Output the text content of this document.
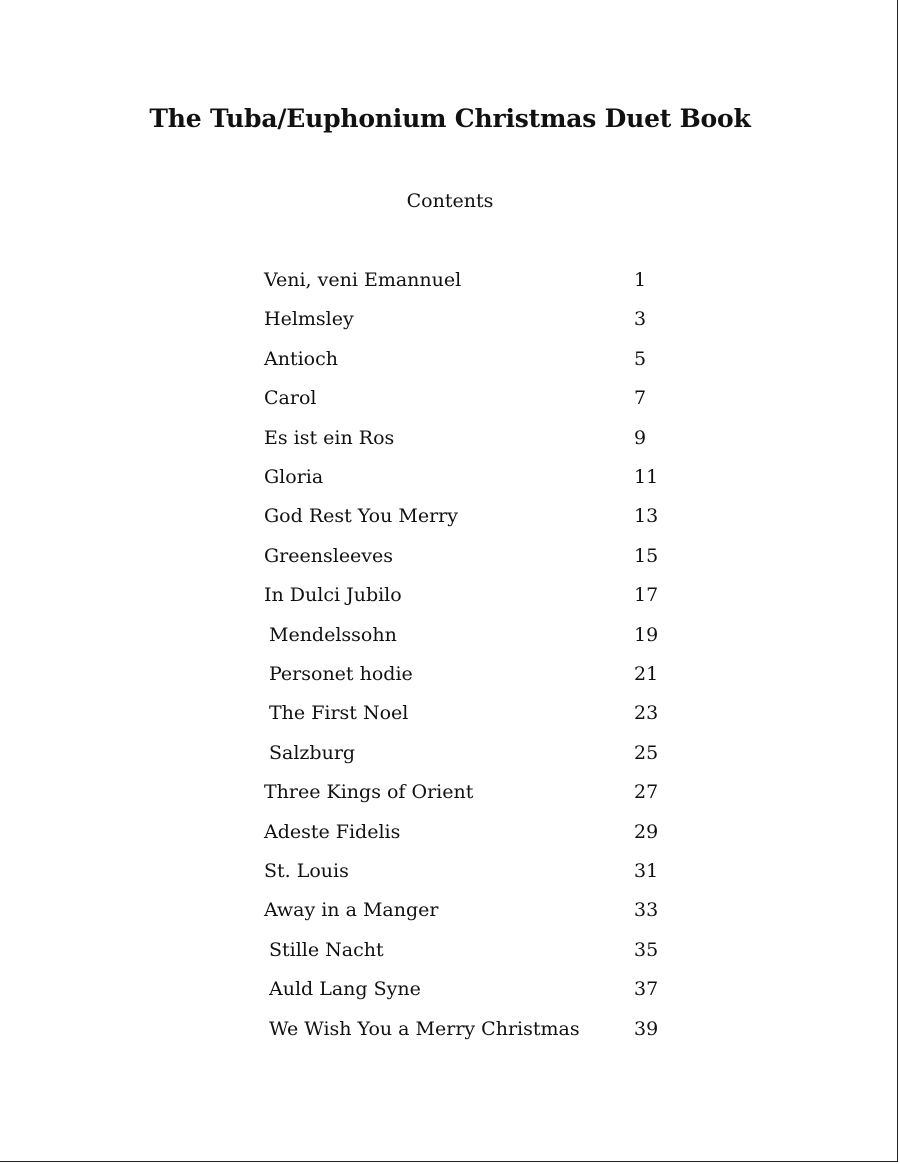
The Tuba/Euphonium Christmas Duet Book
Contents
Veni, veni Emannuel	1
Helmsley	3
Antioch	5
Carol	7
Es ist ein Ros	9
Gloria	11
God Rest You Merry	13
Greensleeves	15
In Dulci Jubilo	17
Mendelssohn	19
Personet hodie	21
The First Noel	23
Salzburg	25
Three Kings of Orient	27
Adeste Fidelis	29
St. Louis	31
Away in a Manger	33
Stille Nacht	35
Auld Lang Syne	37
We Wish You a Merry Christmas	39
